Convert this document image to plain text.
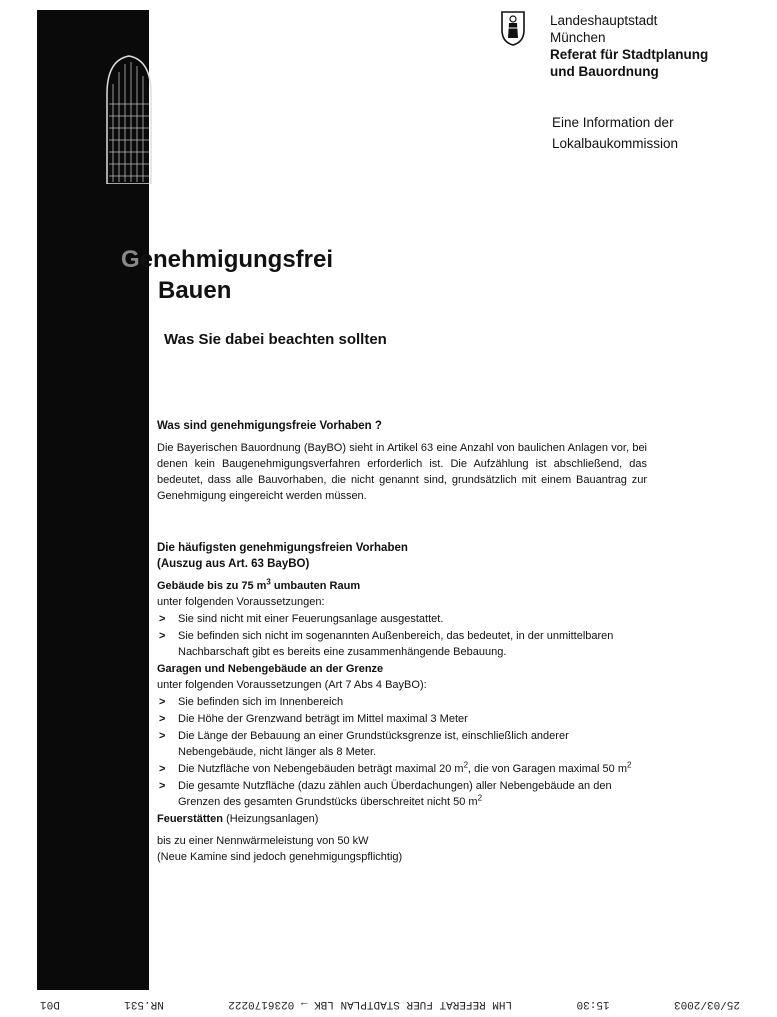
Landeshauptstadt
München
Referat für Stadtplanung
und Bauordnung
Eine Information der
Lokalbaukommission
Genehmigungsfrei
Bauen
Was Sie dabei beachten sollten

Was sind genehmigungsfreie Vorhaben ?

Die Bayerischen Bauordnung (BayBO) sieht in Artikel 63 eine Anzahl von baulichen Anlagen vor, bei denen kein Baugenehmigungsverfahren erforderlich ist. Die Aufzählung ist abschließend, das bedeutet, dass alle Bauvorhaben, die nicht genannt sind, grundsätzlich mit einem Bauantrag zur Genehmigung eingereicht werden müssen.

Die häufigsten genehmigungsfreien Vorhaben

(Auszug aus Art. 63 BayBO)

Gebäude bis zu 75 $m^3$ umbauten Raum

unter folgenden Voraussetzungen:

> Sie sind nicht mit einer Feuerungsanlage ausgestattet.
> Sie befinden sich nicht im sogenannten Außenbereich, das bedeutet, in der unmittelbaren Nachbarschaft gibt es bereits eine zusammenhängende Bebauung.

Garagen und Nebengebäude an der Grenze

unter folgenden Voraussetzungen (Art 7 Abs 4 BayBO):

> Sie befinden sich im Innenbereich
> Die Höhe der Grenzwand beträgt im Mittel maximal 3 Meter
> Die Länge der Bebauung an einer Grundstücksgrenze ist, einschließlich anderer Nebengebäude, nicht länger als 8 Meter.
> Die Nutzfläche von Nebengebäuden beträgt maximal 20 $m^2$, die von Garagen maximal 50 $m^2$
> Die gesamte Nutzfläche (dazu zählen auch Überdachungen) aller Nebengebäude an den Grenzen des gesamten Grundstücks überschreitet nicht 50 $m^2$

Feuerstätten (Heizungsanlagen)

bis zu einer Nennwärmeleistung von 50 kW

(Neue Kamine sind jedoch genehmigungspflichtig)

25/03/2003
15:30
LHM REFERAT FUER STADTPLAN LBK → 0236170222
NR.531
D01
